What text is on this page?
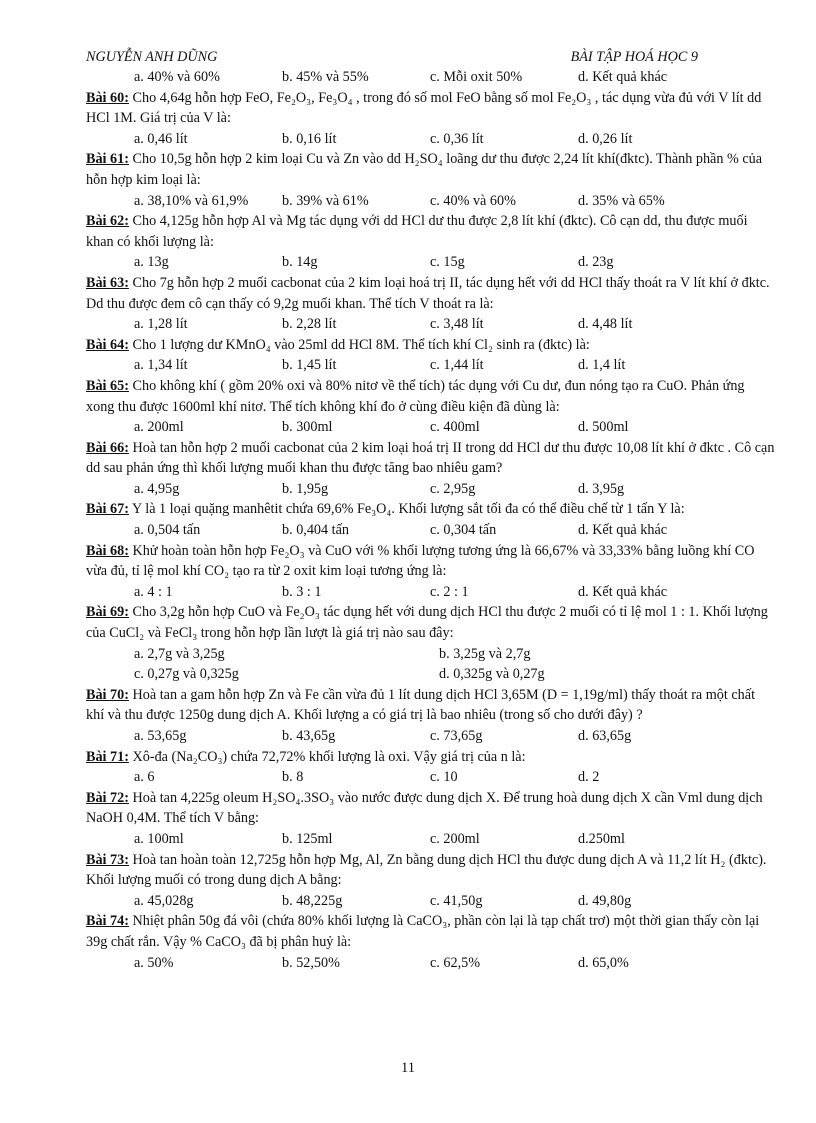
NGUYỄN ANH DŨNG	BÀI TẬP HOÁ HỌC 9
a. 40% và 60%	b. 45% và 55%	c. Mỗi oxit 50%	d. Kết quả khác
Bài 60: Cho 4,64g hỗn hợp FeO, Fe₂O₃, Fe₃O₄ , trong đó số mol FeO bằng số mol Fe₂O₃ , tác dụng vừa đủ với V lít dd HCl 1M. Giá trị của V là:
a. 0,46 lít	b. 0,16 lít	c. 0,36 lít	d. 0,26 lít
Bài 61: Cho 10,5g hỗn hợp 2 kim loại Cu và Zn vào dd H₂SO₄ loãng dư thu được 2,24 lít khí(đktc). Thành phần % của hỗn hợp kim loại là:
a. 38,10% và 61,9%	b. 39% và 61%	c. 40% và 60%	d. 35% và 65%
Bài 62: Cho 4,125g hỗn hợp Al và Mg tác dụng với dd HCl dư thu được 2,8 lít khí (đktc). Cô cạn dd, thu được muối khan có khối lượng là:
a. 13g	b. 14g	c. 15g	d. 23g
Bài 63: Cho 7g hỗn hợp 2 muối cacbonat của 2 kim loại hoá trị II, tác dụng hết với dd HCl thấy thoát ra V lít khí ở đktc. Dd thu được đem cô cạn thấy có 9,2g muối khan. Thể tích V thoát ra là:
a. 1,28 lít	b. 2,28 lít	c. 3,48 lít	d. 4,48 lít
Bài 64: Cho 1 lượng dư KMnO₄ vào 25ml dd HCl 8M. Thể tích khí Cl₂ sinh ra (đktc) là:
a. 1,34 lít	b. 1,45 lít	c. 1,44 lít	d. 1,4 lít
Bài 65: Cho không khí ( gồm 20% oxi và 80% nitơ về thể tích) tác dụng với Cu dư, đun nóng tạo ra CuO. Phản ứng xong thu được 1600ml khí nitơ. Thể tích không khí đo ở cùng điều kiện đã dùng là:
a. 200ml	b. 300ml	c. 400ml	d. 500ml
Bài 66: Hoà tan hỗn hợp 2 muối cacbonat của 2 kim loại hoá trị II trong dd HCl dư thu được 10,08 lít khí ở đktc . Cô cạn dd sau phản ứng thì khối lượng muối khan thu được tăng bao nhiêu gam?
a. 4,95g	b. 1,95g	c. 2,95g	d. 3,95g
Bài 67: Y là 1 loại quặng manhêtit chứa 69,6% Fe₃O₄. Khối lượng sắt tối đa có thể điều chế từ 1 tấn Y là:
a. 0,504 tấn	b. 0,404 tấn	c. 0,304 tấn	d. Kết quả khác
Bài 68: Khử hoàn toàn hỗn hợp Fe₂O₃ và CuO với % khối lượng tương ứng là 66,67% và 33,33% bằng luồng khí CO vừa đủ, tỉ lệ mol khí CO₂ tạo ra từ 2 oxit kim loại tương ứng là:
a. 4 : 1	b. 3 : 1	c. 2 : 1	d. Kết quả khác
Bài 69: Cho 3,2g hỗn hợp CuO và Fe₂O₃ tác dụng hết với dung dịch HCl thu được 2 muối có tỉ lệ mol 1 : 1. Khối lượng của CuCl₂ và FeCl₃ trong hỗn hợp lần lượt là giá trị nào sau đây:
a. 2,7g và 3,25g	b. 3,25g và 2,7g
c. 0,27g và 0,325g	d. 0,325g và 0,27g
Bài 70: Hoà tan a gam hỗn hợp Zn và Fe cần vừa đủ 1 lít dung dịch HCl 3,65M (D = 1,19g/ml) thấy thoát ra một chất khí và thu được 1250g dung dịch A. Khối lượng a có giá trị là bao nhiêu (trong số cho dưới đây) ?
a. 53,65g	b. 43,65g	c. 73,65g	d. 63,65g
Bài 71: Xô-đa (Na₂CO₃) chứa 72,72% khối lượng là oxi. Vậy giá trị của n là:
a. 6	b. 8	c. 10	d. 2
Bài 72: Hoà tan 4,225g oleum H₂SO₄.3SO₃ vào nước được dung dịch X. Để trung hoà dung dịch X cần Vml dung dịch NaOH 0,4M. Thể tích V bằng:
a. 100ml	b. 125ml	c. 200ml	d.250ml
Bài 73: Hoà tan hoàn toàn 12,725g hỗn hợp Mg, Al, Zn bằng dung dịch HCl thu được dung dịch A và 11,2 lít H₂ (đktc). Khối lượng muối có trong dung dịch A bằng:
a. 45,028g	b. 48,225g	c. 41,50g	d. 49,80g
Bài 74: Nhiệt phân 50g đá vôi (chứa 80% khối lượng là CaCO₃, phần còn lại là tạp chất trơ) một thời gian thấy còn lại 39g chất rắn. Vậy % CaCO₃ đã bị phân huỷ là:
a. 50%	b. 52,50%	c. 62,5%	d. 65,0%
11
